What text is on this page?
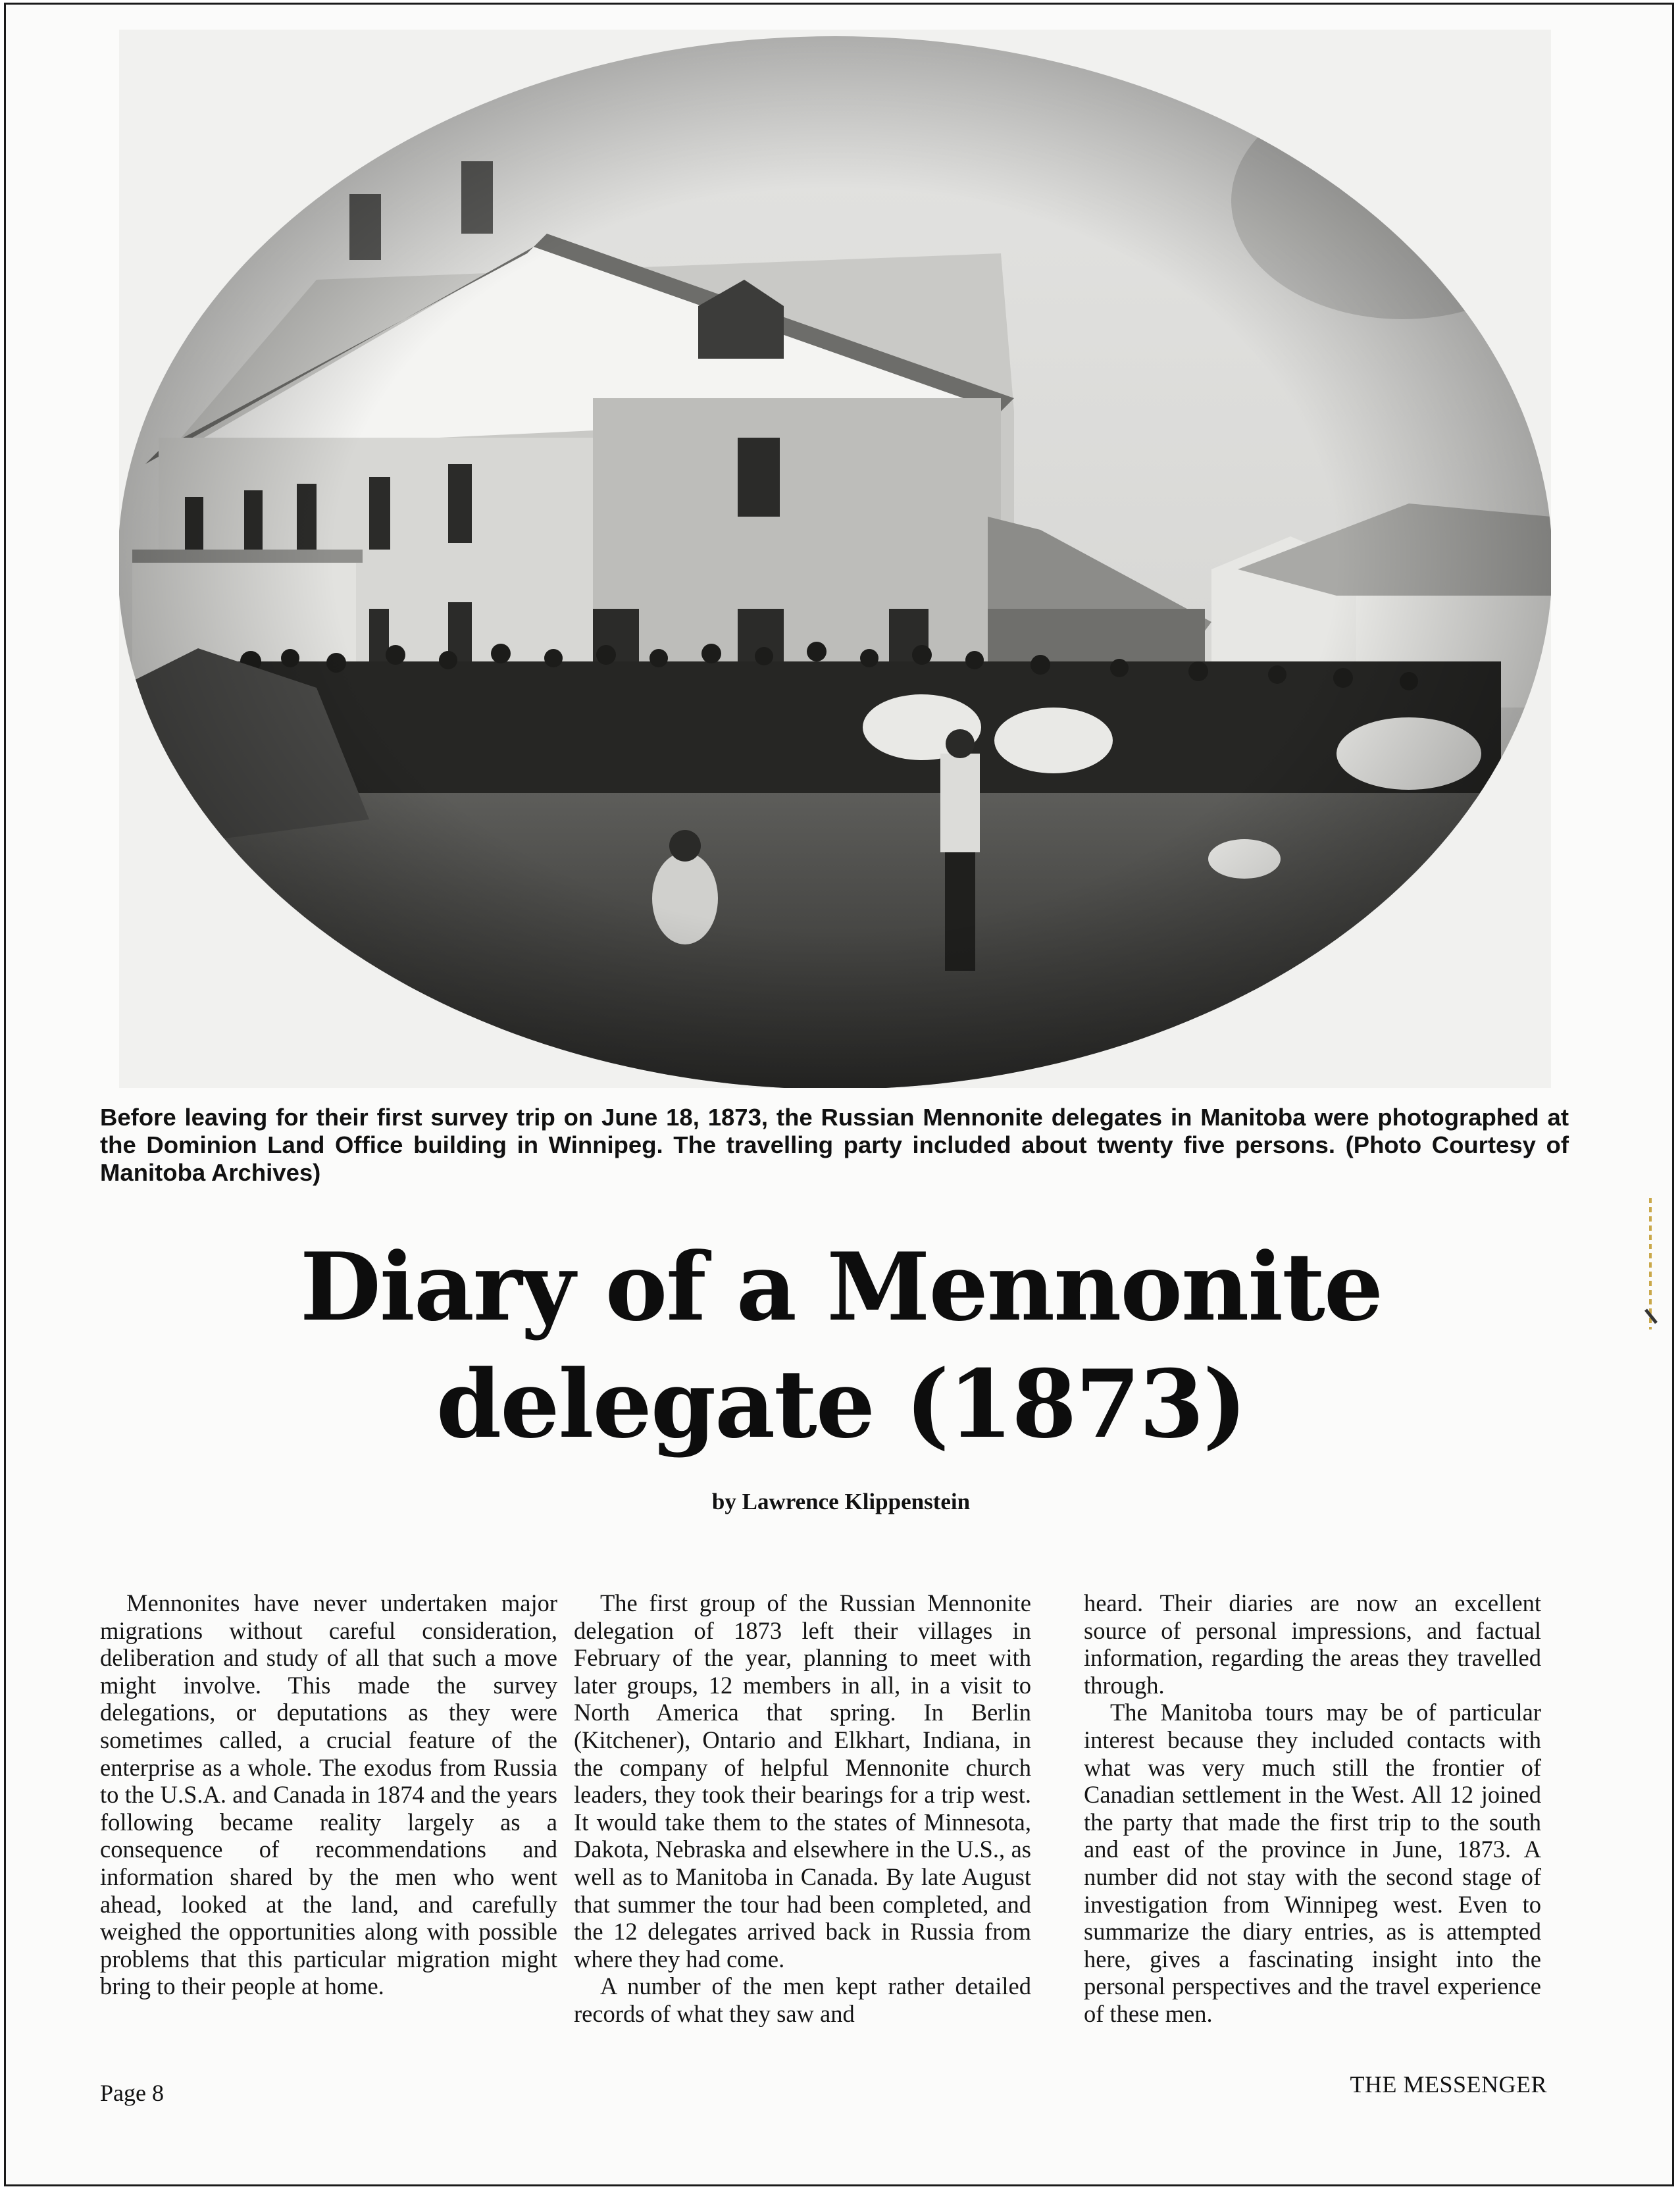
Before leaving for their first survey trip on June 18, 1873, the Russian Mennonite delegates in Manitoba were photographed at the Dominion Land Office building in Winnipeg. The travelling party included about twenty five persons. (Photo Courtesy of Manitoba Archives)

Diary of a Mennonite
delegate (1873)
by Lawrence Klippenstein

Mennonites have never undertaken major migrations without careful consideration, deliberation and study of all that such a move might involve. This made the survey delegations, or deputations as they were sometimes called, a crucial feature of the enterprise as a whole. The exodus from Russia to the U.S.A. and Canada in 1874 and the years following became reality largely as a consequence of recommendations and information shared by the men who went ahead, looked at the land, and carefully weighed the opportunities along with possible problems that this particular migration might bring to their people at home.

The first group of the Russian Mennonite delegation of 1873 left their villages in February of the year, planning to meet with later groups, 12 members in all, in a visit to North America that spring. In Berlin (Kitchener), Ontario and Elkhart, Indiana, in the company of helpful Mennonite church leaders, they took their bearings for a trip west. It would take them to the states of Minnesota, Dakota, Nebraska and elsewhere in the U.S., as well as to Manitoba in Canada. By late August that summer the tour had been completed, and the 12 delegates arrived back in Russia from where they had come.

A number of the men kept rather detailed records of what they saw and

heard. Their diaries are now an excellent source of personal impressions, and factual information, regarding the areas they travelled through.

The Manitoba tours may be of particular interest because they included contacts with what was very much still the frontier of Canadian settlement in the West. All 12 joined the party that made the first trip to the south and east of the province in June, 1873. A number did not stay with the second stage of investigation from Winnipeg west. Even to summarize the diary entries, as is attempted here, gives a fascinating insight into the personal perspectives and the travel experience of these men.

Page 8	THE MESSENGER
